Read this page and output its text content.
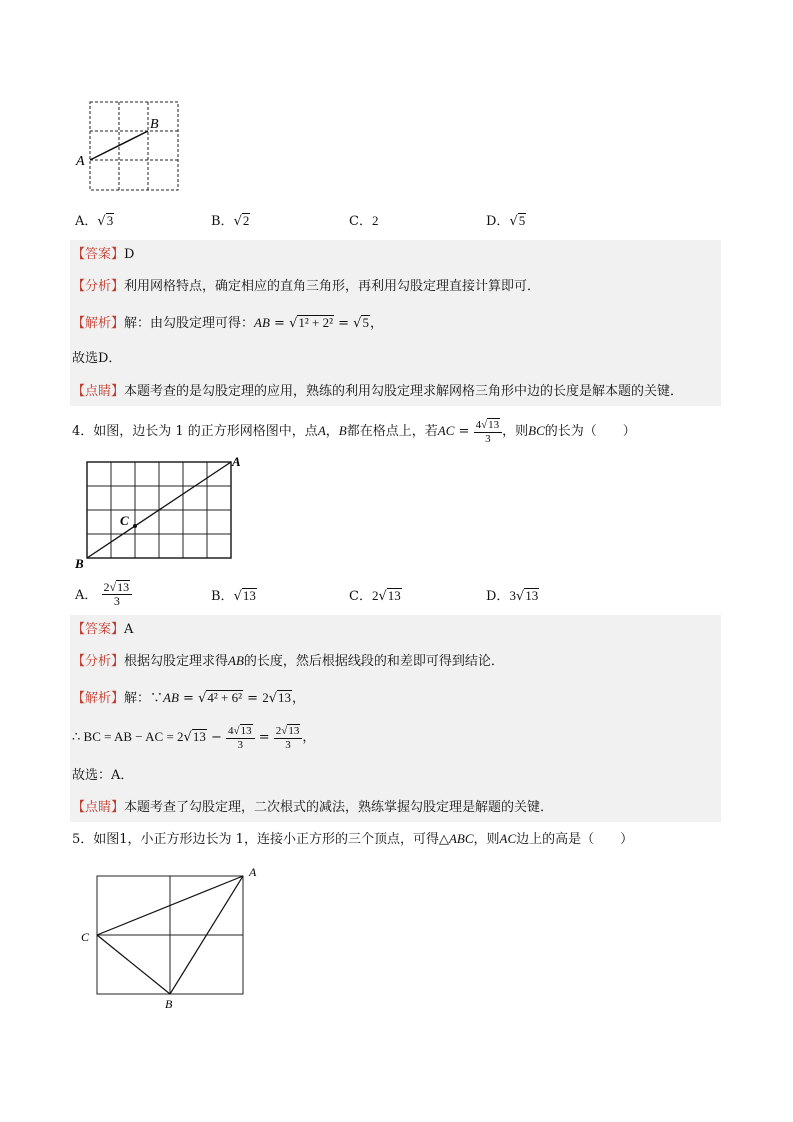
A
B
A．√3	B．√2	C．2	D．√5
【答案】D
【分析】利用网格特点，确定相应的直角三角形，再利用勾股定理直接计算即可．
【解析】解：由勾股定理可得：AB = √1² + 2² = √5，
故选D．
【点睛】本题考查的是勾股定理的应用，熟练的利用勾股定理求解网格三角形中边的长度是解本题的关键．
4．如图，边长为 1 的正方形网格图中，点A，B都在格点上，若AC = $\frac{4√13}{3}$ ，则BC的长为（　　）
A
B
C
A． $\frac{2√13}{3}$	B．√13	C．2√13	D．3√13
【答案】A
【分析】根据勾股定理求得AB的长度，然后根据线段的和差即可得到结论．
【解析】解：∵AB = √4² + 6² = 2√13，
∴ BC = AB − AC = $2√13 - \frac{4√13}{3} = \frac{2√13}{3}$ ，
故选：A．
【点睛】本题考查了勾股定理，二次根式的减法，熟练掌握勾股定理是解题的关键．
5．如图1，小正方形边长为 1，连接小正方形的三个顶点，可得△ABC，则AC边上的高是（　　）
A
B
C
